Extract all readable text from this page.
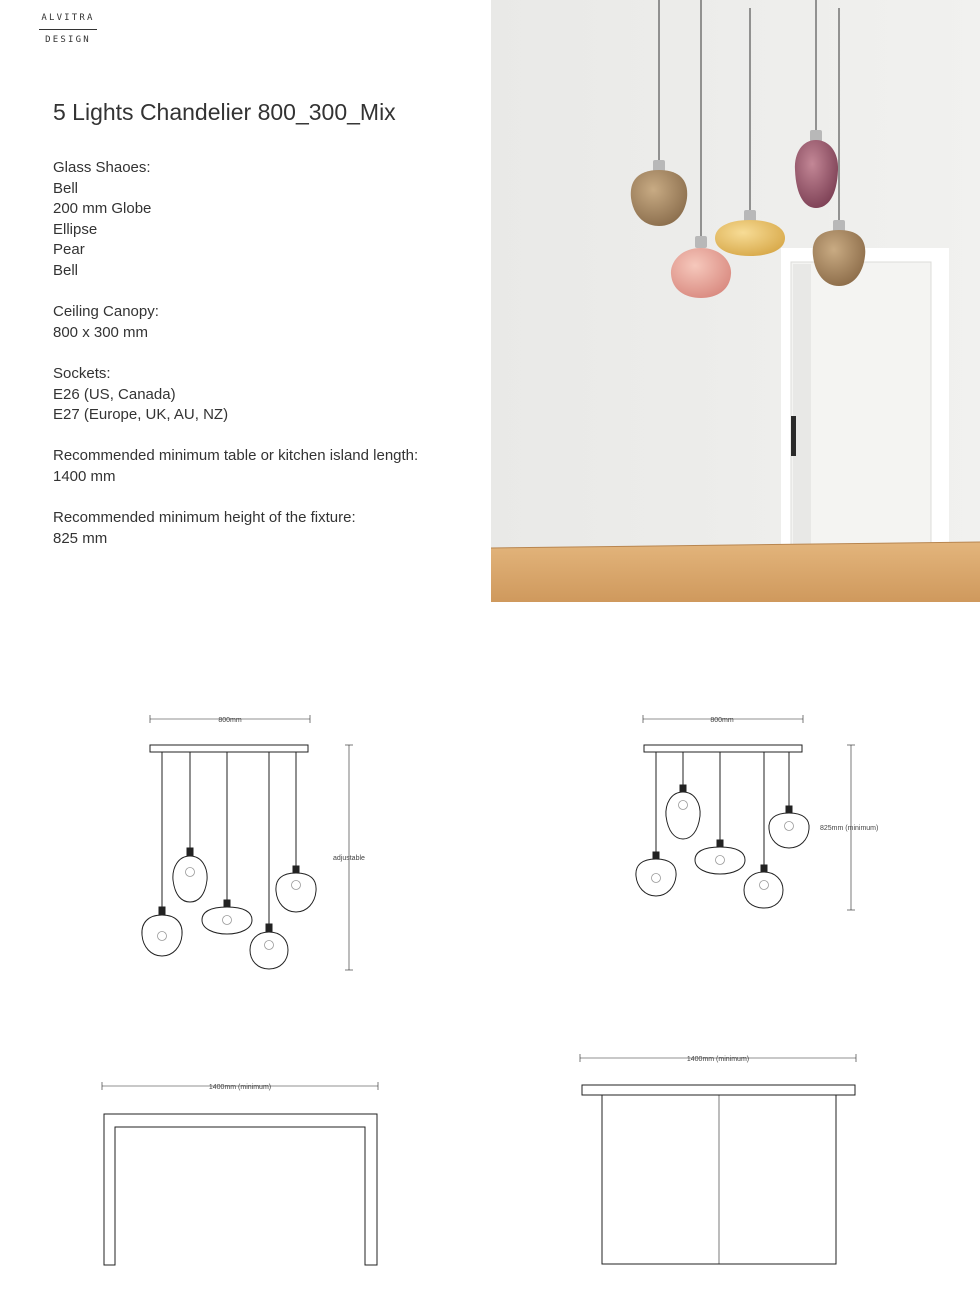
ALVITRA
DESIGN
5 Lights Chandelier 800_300_Mix
Glass Shaoes:
Bell
200 mm Globe
Ellipse
Pear
Bell
Ceiling Canopy:
800 x 300 mm
Sockets:
E26 (US, Canada)
E27 (Europe, UK, AU, NZ)
Recommended minimum table or kitchen island length:
1400 mm
Recommended minimum height of the fixture:
825 mm
800mm
adjustable
1400mm (minimum)
800mm
825mm (minimum)
1400mm (minimum)
